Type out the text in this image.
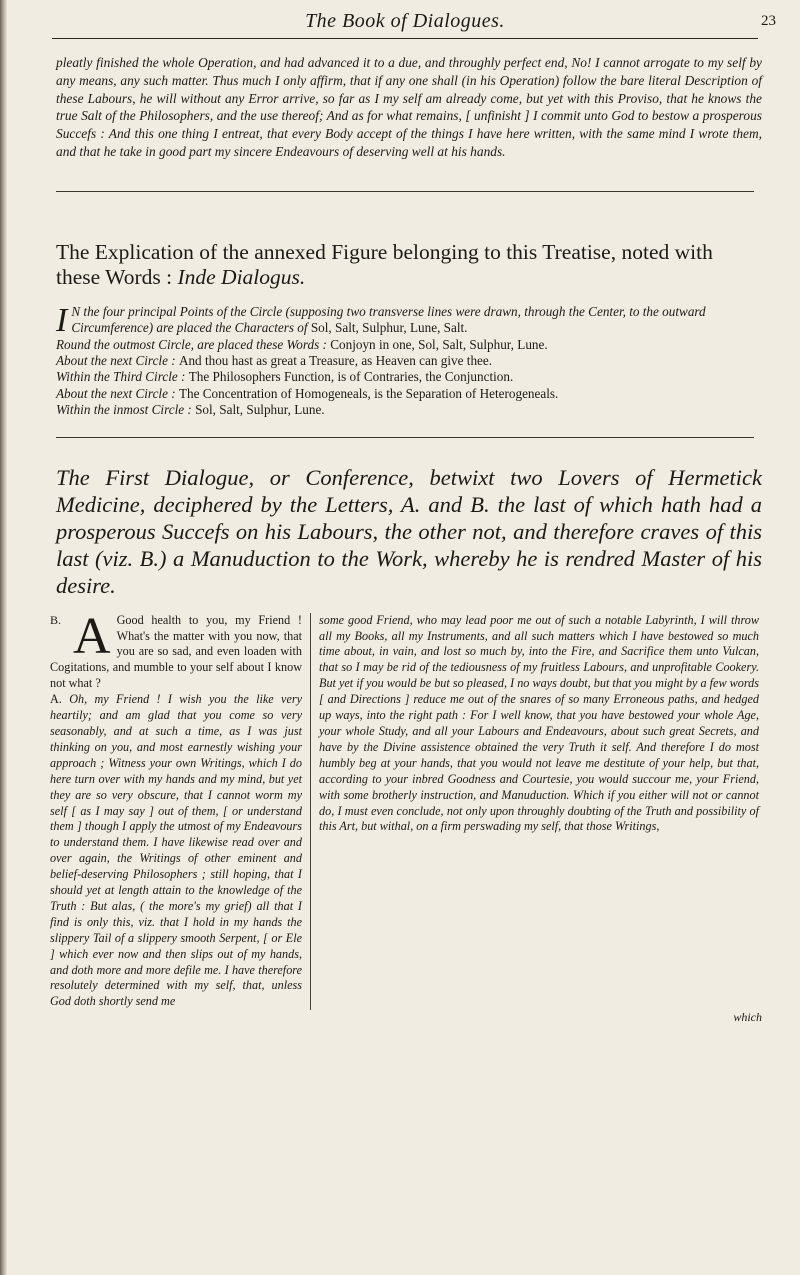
The Book of Dialogues.	23

pleatly finished the whole Operation, and had advanced it to a due, and throughly perfect end, No! I cannot arrogate to my self by any means, any such matter. Thus much I only affirm, that if any one shall (in his Operation) follow the bare literal Description of these Labours, he will without any Error arrive, so far as I my self am already come, but yet with this Proviso, that he knows the true Salt of the Philosophers, and the use thereof; And as for what remains, [ unfinisht ] I commit unto God to bestow a prosperous Succefs : And this one thing I entreat, that every Body accept of the things I have here written, with the same mind I wrote them, and that he take in good part my sincere Endeavours of deserving well at his hands.

The Explication of the annexed Figure belonging to this Treatise, noted with these Words : Inde Dialogus.
IN the four principal Points of the Circle (supposing two transverse lines were drawn, through the Center, to the outward Circumference) are placed the Characters of Sol, Salt, Sulphur, Lune, Salt.
Round the outmost Circle, are placed these Words : Conjoyn in one, Sol, Salt, Sulphur, Lune.
About the next Circle : And thou hast as great a Treasure, as Heaven can give thee.
Within the Third Circle : The Philosophers Function, is of Contraries, the Conjunction.
About the next Circle : The Concentration of Homogeneals, is the Separation of Heterogeneals.
Within the inmost Circle : Sol, Salt, Sulphur, Lune.
The First Dialogue, or Conference, betwixt two Lovers of Hermetick Medicine, deciphered by the Letters, A. and B. the last of which hath had a prosperous Succefs on his Labours, the other not, and therefore craves of this last (viz. B.) a Manuduction to the Work, whereby he is rendred Master of his desire.

B. A Good health to you, my Friend ! What's the matter with you now, that you are so sad, and even loaden with Cogitations, and mumble to your self about I know not what ?

A. Oh, my Friend ! I wish you the like very heartily; and am glad that you come so very seasonably, and at such a time, as I was just thinking on you, and most earnestly wishing your approach ; Witness your own Writings, which I do here turn over with my hands and my mind, but yet they are so very obscure, that I cannot worm my self [ as I may say ] out of them, [ or understand them ] though I apply the utmost of my Endeavours to understand them. I have likewise read over and over again, the Writings of other eminent and belief-deserving Philosophers ; still hoping, that I should yet at length attain to the knowledge of the Truth : But alas, ( the more's my grief) all that I find is only this, viz. that I hold in my hands the slippery Tail of a slippery smooth Serpent, [ or Ele ] which ever now and then slips out of my hands, and doth more and more defile me. I have therefore resolutely determined with my self, that, unless God doth shortly send me

some good Friend, who may lead poor me out of such a notable Labyrinth, I will throw all my Books, all my Instruments, and all such matters which I have bestowed so much time about, in vain, and lost so much by, into the Fire, and Sacrifice them unto Vulcan, that so I may be rid of the tediousness of my fruitless Labours, and unprofitable Cookery. But yet if you would be but so pleased, I no ways doubt, but that you might by a few words [ and Directions ] reduce me out of the snares of so many Erroneous paths, and hedged up ways, into the right path : For I well know, that you have bestowed your whole Age, your whole Study, and all your Labours and Endeavours, about such great Secrets, and have by the Divine assistence obtained the very Truth it self. And therefore I do most humbly beg at your hands, that you would not leave me destitute of your help, but that, according to your inbred Goodness and Courtesie, you would succour me, your Friend, with some brotherly instruction, and Manuduction. Which if you either will not or cannot do, I must even conclude, not only upon throughly doubting of the Truth and possibility of this Art, but withal, on a firm perswading my self, that those Writings,

which
